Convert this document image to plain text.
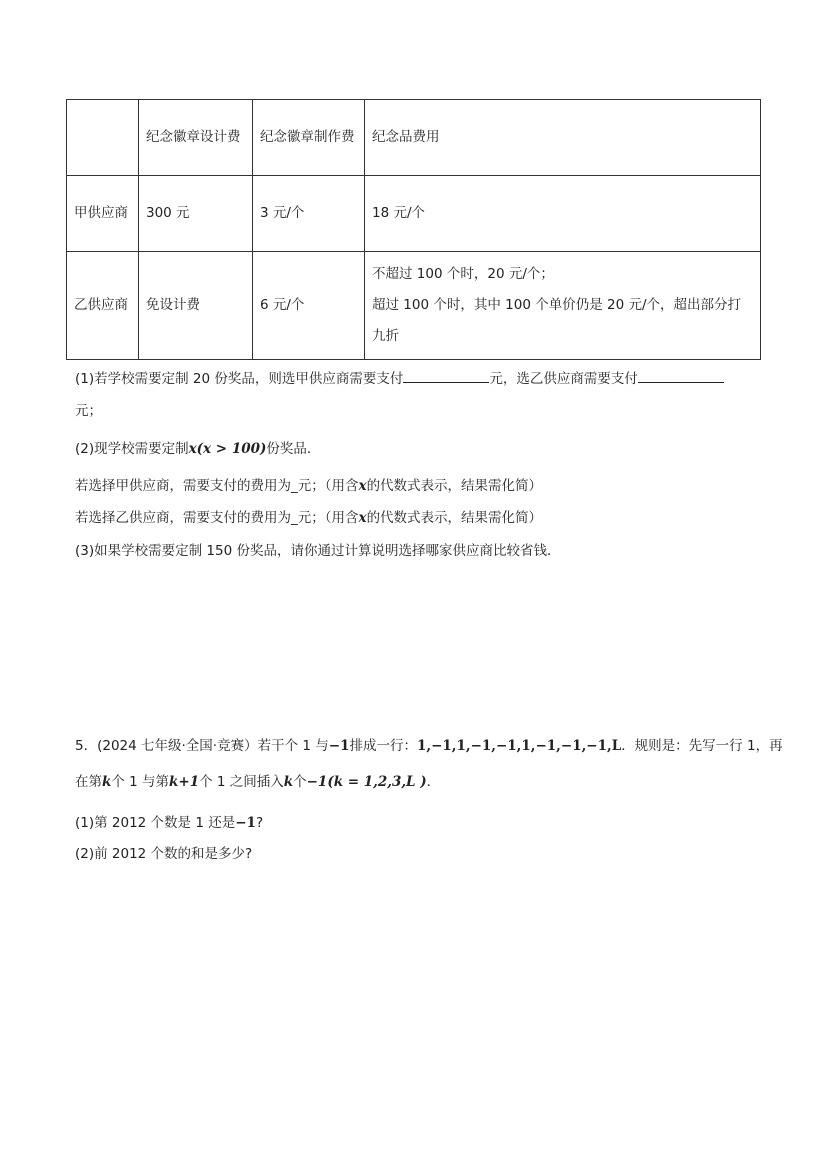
	纪念徽章设计费	纪念徽章制作费	纪念品费用
甲供应商	300 元	3 元/个	18 元/个
乙供应商	免设计费	6 元/个	不超过 100 个时，20 元/个；
超过 100 个时，其中 100 个单价仍是 20 元/个，超出部分打九折
(1)若学校需要定制 20 份奖品，则选甲供应商需要支付	元，选乙供应商需要支付
元；
(2)现学校需要定制x(x > 100)份奖品．
若选择甲供应商，需要支付的费用为_元；（用含x的代数式表示，结果需化简）
若选择乙供应商，需要支付的费用为_元；（用含x的代数式表示，结果需化简）
(3)如果学校需要定制 150 份奖品，请你通过计算说明选择哪家供应商比较省钱．
5．(2024 七年级·全国·竞赛）若干个 1 与−1排成一行：1,−1,1,−1,−1,1,−1,−1,−1,L．规则是：先写一行 1，再
在第k个 1 与第k+1个 1 之间插入k个−1(k = 1,2,3,L )．
(1)第 2012 个数是 1 还是−1?
(2)前 2012 个数的和是多少?
